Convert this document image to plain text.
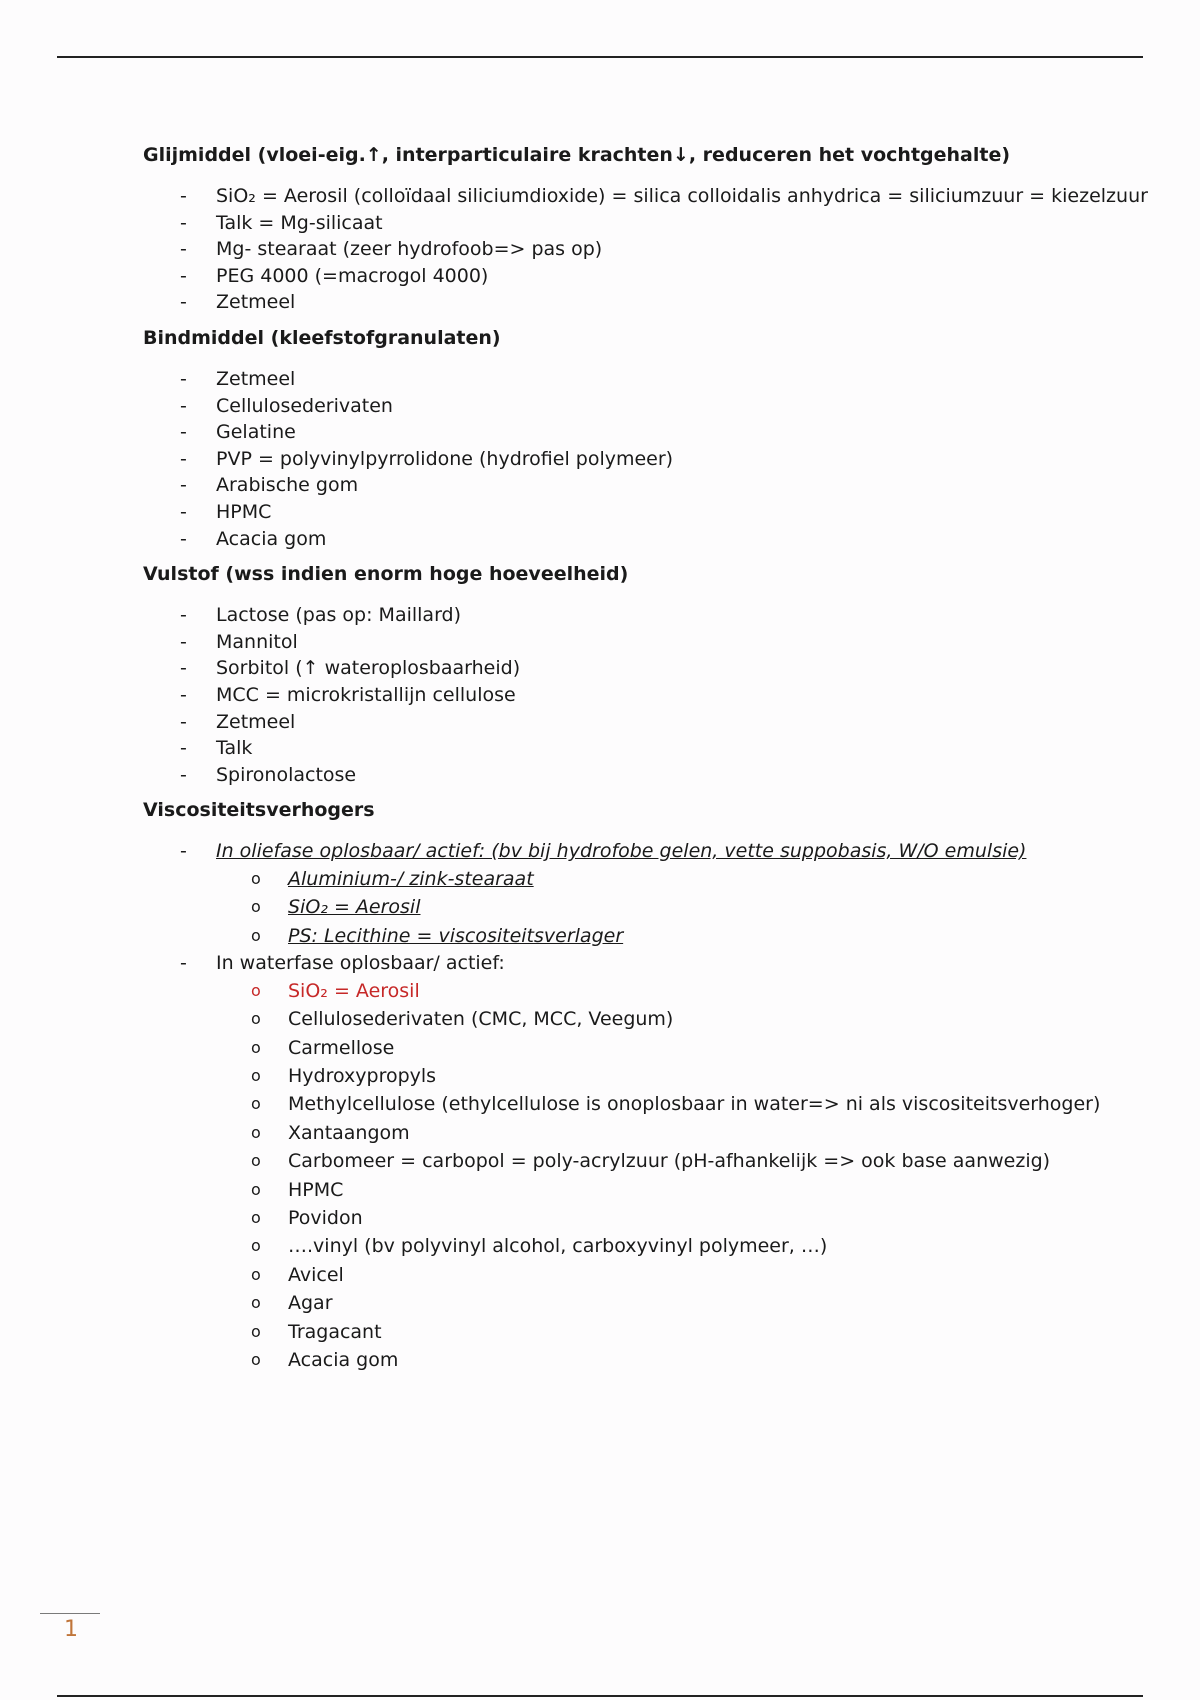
Glijmiddel (vloei-eig.↑, interparticulaire krachten↓, reduceren het vochtgehalte)
- SiO₂ = Aerosil (colloïdaal siliciumdioxide) = silica colloidalis anhydrica = siliciumzuur = kiezelzuur
- Talk = Mg-silicaat
- Mg- stearaat (zeer hydrofoob=> pas op)
- PEG 4000 (=macrogol 4000)
- Zetmeel
Bindmiddel (kleefstofgranulaten)
- Zetmeel
- Cellulosederivaten
- Gelatine
- PVP = polyvinylpyrrolidone (hydrofiel polymeer)
- Arabische gom
- HPMC
- Acacia gom
Vulstof (wss indien enorm hoge hoeveelheid)
- Lactose (pas op: Maillard)
- Mannitol
- Sorbitol (↑ wateroplosbaarheid)
- MCC = microkristallijn cellulose
- Zetmeel
- Talk
- Spironolactose
Viscositeitsverhogers
- In oliefase oplosbaar/ actief: (bv bij hydrofobe gelen, vette suppobasis, W/O emulsie)
o Aluminium-/ zink-stearaat
o SiO₂ = Aerosil
o PS: Lecithine = viscositeitsverlager
- In waterfase oplosbaar/ actief:
o SiO₂ = Aerosil
o Cellulosederivaten (CMC, MCC, Veegum)
o Carmellose
o Hydroxypropyls
o Methylcellulose (ethylcellulose is onoplosbaar in water=> ni als viscositeitsverhoger)
o Xantaangom
o Carbomeer = carbopol = poly-acrylzuur (pH-afhankelijk => ook base aanwezig)
o HPMC
o Povidon
o ….vinyl (bv polyvinyl alcohol, carboxyvinyl polymeer, …)
o Avicel
o Agar
o Tragacant
o Acacia gom
1
